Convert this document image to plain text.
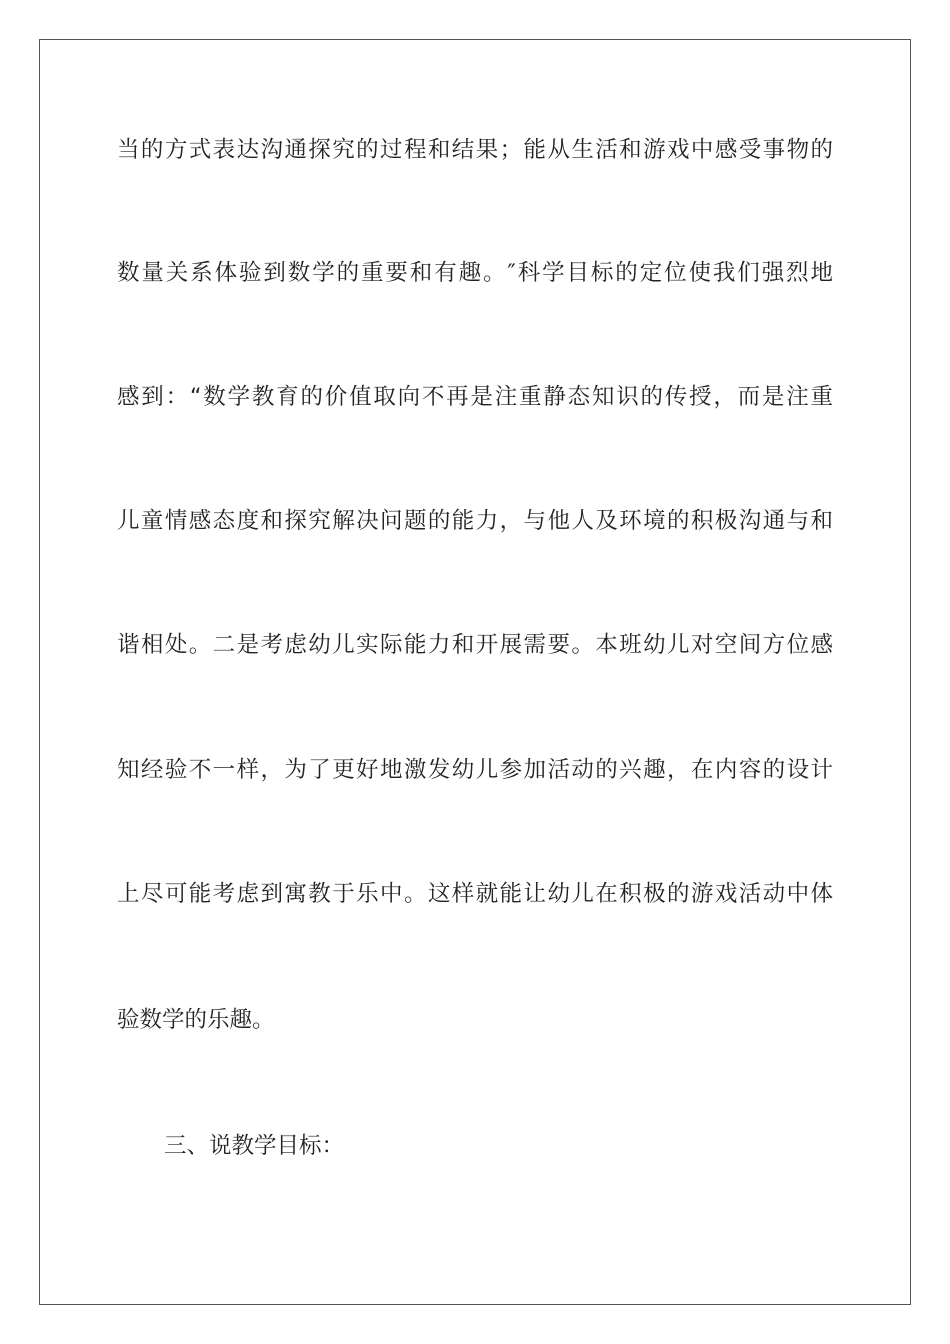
当的方式表达沟通探究的过程和结果；能从生活和游戏中感受事物的
数量关系体验到数学的重要和有趣。″科学目标的定位使我们强烈地
感到：“数学教育的价值取向不再是注重静态知识的传授，而是注重
儿童情感态度和探究解决问题的能力，与他人及环境的积极沟通与和
谐相处。二是考虑幼儿实际能力和开展需要。本班幼儿对空间方位感
知经验不一样，为了更好地激发幼儿参加活动的兴趣，在内容的设计
上尽可能考虑到寓教于乐中。这样就能让幼儿在积极的游戏活动中体
验数学的乐趣。
三、说教学目标：
